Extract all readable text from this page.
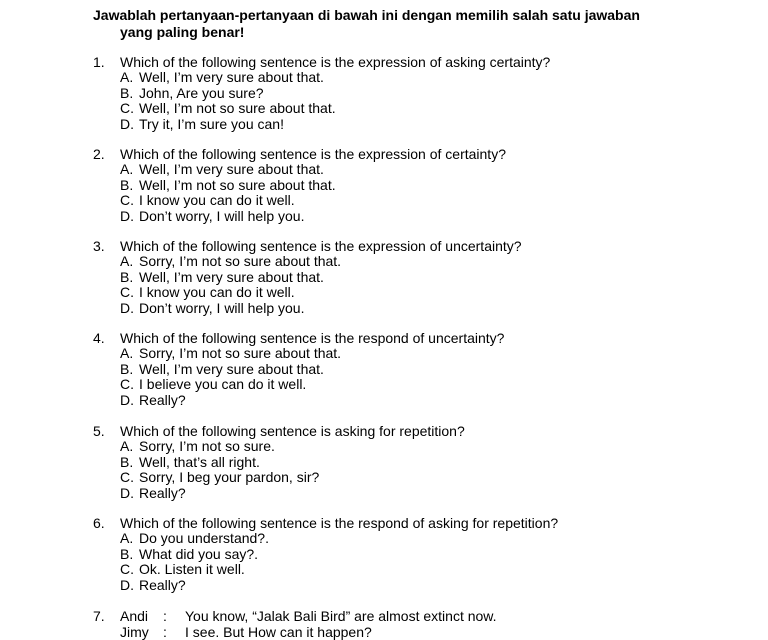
Jawablah pertanyaan-pertanyaan di bawah ini dengan memilih salah satu jawaban
yang paling benar!
1.	Which of the following sentence is the expression of asking certainty?
A. Well, I’m very sure about that.
B. John, Are you sure?
C. Well, I’m not so sure about that.
D. Try it, I’m sure you can!
2.	Which of the following sentence is the expression of certainty?
A. Well, I’m very sure about that.
B. Well, I’m not so sure about that.
C. I know you can do it well.
D. Don’t worry, I will help you.
3.	Which of the following sentence is the expression of uncertainty?
A. Sorry, I’m not so sure about that.
B. Well, I’m very sure about that.
C. I know you can do it well.
D. Don’t worry, I will help you.
4.	Which of the following sentence is the respond of uncertainty?
A. Sorry, I’m not so sure about that.
B. Well, I’m very sure about that.
C. I believe you can do it well.
D. Really?
5.	Which of the following sentence is asking for repetition?
A. Sorry, I’m not so sure.
B. Well, that’s all right.
C. Sorry, I beg your pardon, sir?
D. Really?
6.	Which of the following sentence is the respond of asking for repetition?
A. Do you understand?.
B. What did you say?.
C. Ok. Listen it well.
D. Really?
7.	Andi	:	You know, “Jalak Bali Bird” are almost extinct now.
Jimy	:	I see. But How can it happen?
